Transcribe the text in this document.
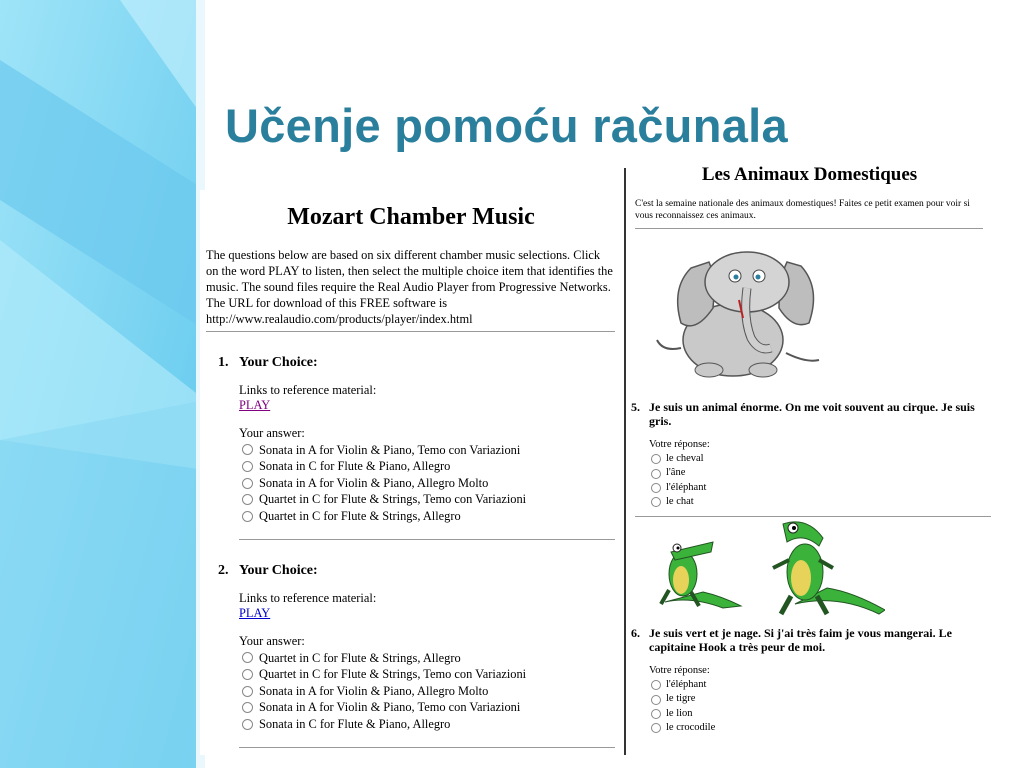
Učenje pomoću računala
Mozart Chamber Music
The questions below are based on six different chamber music selections. Click on the word PLAY to listen, then select the multiple choice item that identifies the music. The sound files require the Real Audio Player from Progressive Networks. The URL for download of this FREE software is http://www.realaudio.com/products/player/index.html
1. Your Choice:
Links to reference material:
PLAY
Your answer:
Sonata in A for Violin & Piano, Temo con Variazioni
Sonata in C for Flute & Piano, Allegro
Sonata in A for Violin & Piano, Allegro Molto
Quartet in C for Flute & Strings, Temo con Variazioni
Quartet in C for Flute & Strings, Allegro
2. Your Choice:
Links to reference material:
PLAY
Your answer:
Quartet in C for Flute & Strings, Allegro
Quartet in C for Flute & Strings, Temo con Variazioni
Sonata in A for Violin & Piano, Allegro Molto
Sonata in A for Violin & Piano, Temo con Variazioni
Sonata in C for Flute & Piano, Allegro
Les Animaux Domestiques
C'est la semaine nationale des animaux domestiques! Faites ce petit examen pour voir si vous reconnaissez ces animaux.
5. Je suis un animal énorme. On me voit souvent au cirque. Je suis gris.
Votre réponse:
le cheval
l'âne
l'éléphant
le chat
6. Je suis vert et je nage. Si j'ai très faim je vous mangerai. Le capitaine Hook a très peur de moi.
Votre réponse:
l'éléphant
le tigre
le lion
le crocodile
